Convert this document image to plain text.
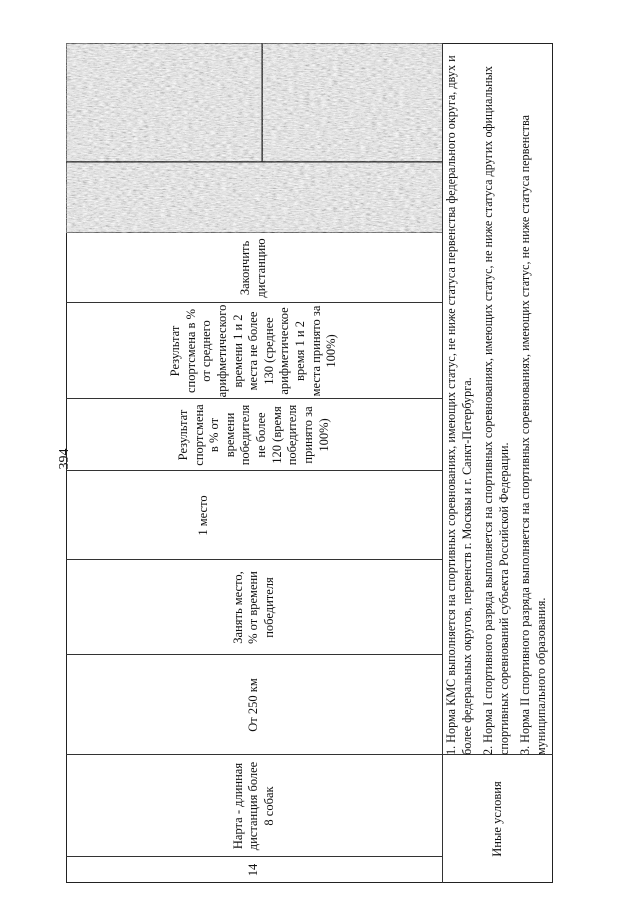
394
14
Нарта - длинная дистанция более 8 собак
От 250 км
Занять место, % от времени победителя
1 место
Результат спортсмена в % от времени победителя не более 120 (время победителя принято за 100%)
Результат спортсмена в % от среднего арифметического времени 1 и 2 места не более 130 (среднее арифметическое время 1 и 2 места принято за 100%)
Закончить дистанцию
Иные условия
1. Норма КМС выполняется на спортивных соревнованиях, имеющих статус, не ниже статуса первенства федерального округа, двух и более федеральных округов, первенств г. Москвы и г. Санкт-Петербурга. 2. Норма I спортивного разряда выполняется на спортивных соревнованиях, имеющих статус, не ниже статуса других официальных спортивных соревнований субъекта Российской Федерации. 3. Норма II спортивного разряда выполняется на спортивных соревнованиях, имеющих статус, не ниже статуса первенства муниципального образования.
